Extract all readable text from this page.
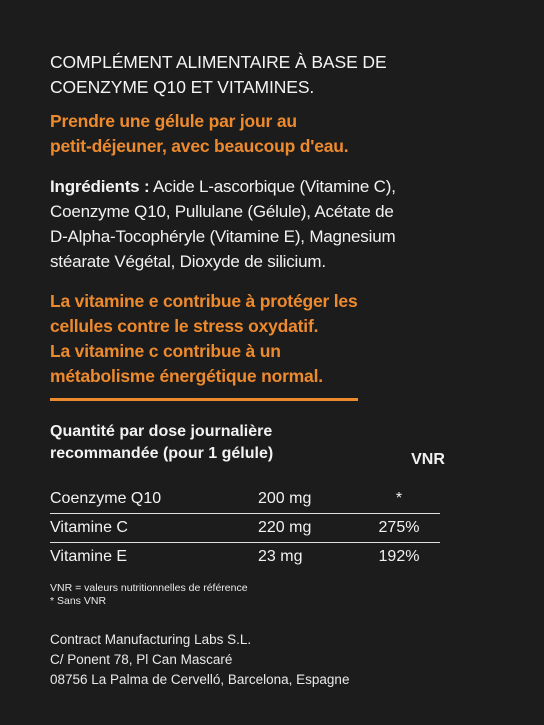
COMPLÉMENT ALIMENTAIRE À BASE DE
COENZYME Q10 ET VITAMINES.
Prendre une gélule par jour au
petit-déjeuner, avec beaucoup d'eau.
Ingrédients : Acide L-ascorbique (Vitamine C),
Coenzyme Q10, Pullulane (Gélule), Acétate de
D-Alpha-Tocophéryle (Vitamine E), Magnesium
stéarate Végétal, Dioxyde de silicium.
La vitamine e contribue à protéger les
cellules contre le stress oxydatif.
La vitamine c contribue à un
métabolisme énergétique normal.
Quantité par dose journalière
recommandée (pour 1 gélule)	VNR
Coenzyme Q10	200 mg	*
Vitamine C	220 mg	275%
Vitamine E	23 mg	192%
VNR = valeurs nutritionnelles de référence
* Sans VNR
Contract Manufacturing Labs S.L.
C/ Ponent 78, Pl Can Mascaré
08756 La Palma de Cervelló, Barcelona, Espagne
